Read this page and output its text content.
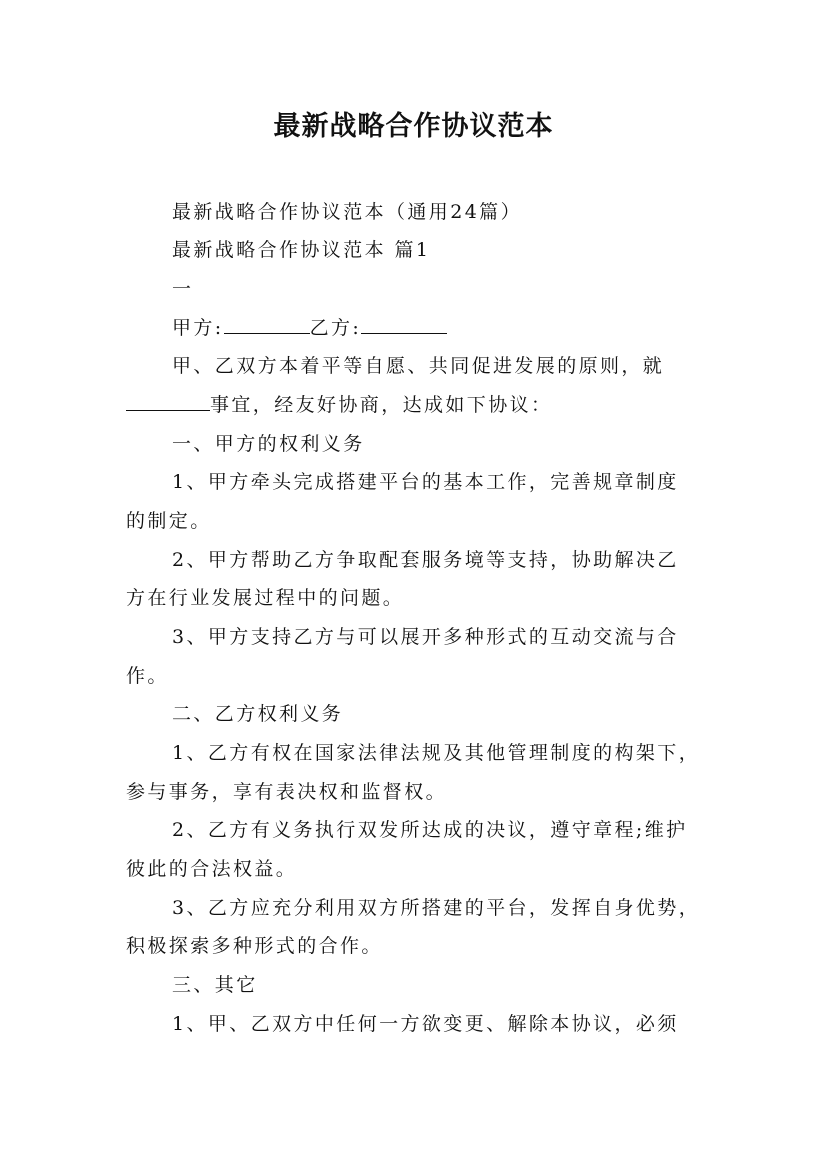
最新战略合作协议范本
最新战略合作协议范本（通用24篇）
最新战略合作协议范本 篇1
一
甲方:	乙方:
甲、乙双方本着平等自愿、共同促进发展的原则，就
事宜，经友好协商，达成如下协议：
一、甲方的权利义务
1、甲方牵头完成搭建平台的基本工作，完善规章制度
的制定。
2、甲方帮助乙方争取配套服务境等支持，协助解决乙
方在行业发展过程中的问题。
3、甲方支持乙方与可以展开多种形式的互动交流与合
作。
二、乙方权利义务
1、乙方有权在国家法律法规及其他管理制度的构架下，
参与事务，享有表决权和监督权。
2、乙方有义务执行双发所达成的决议，遵守章程;维护
彼此的合法权益。
3、乙方应充分利用双方所搭建的平台，发挥自身优势，
积极探索多种形式的合作。
三、其它
1、甲、乙双方中任何一方欲变更、解除本协议，必须
